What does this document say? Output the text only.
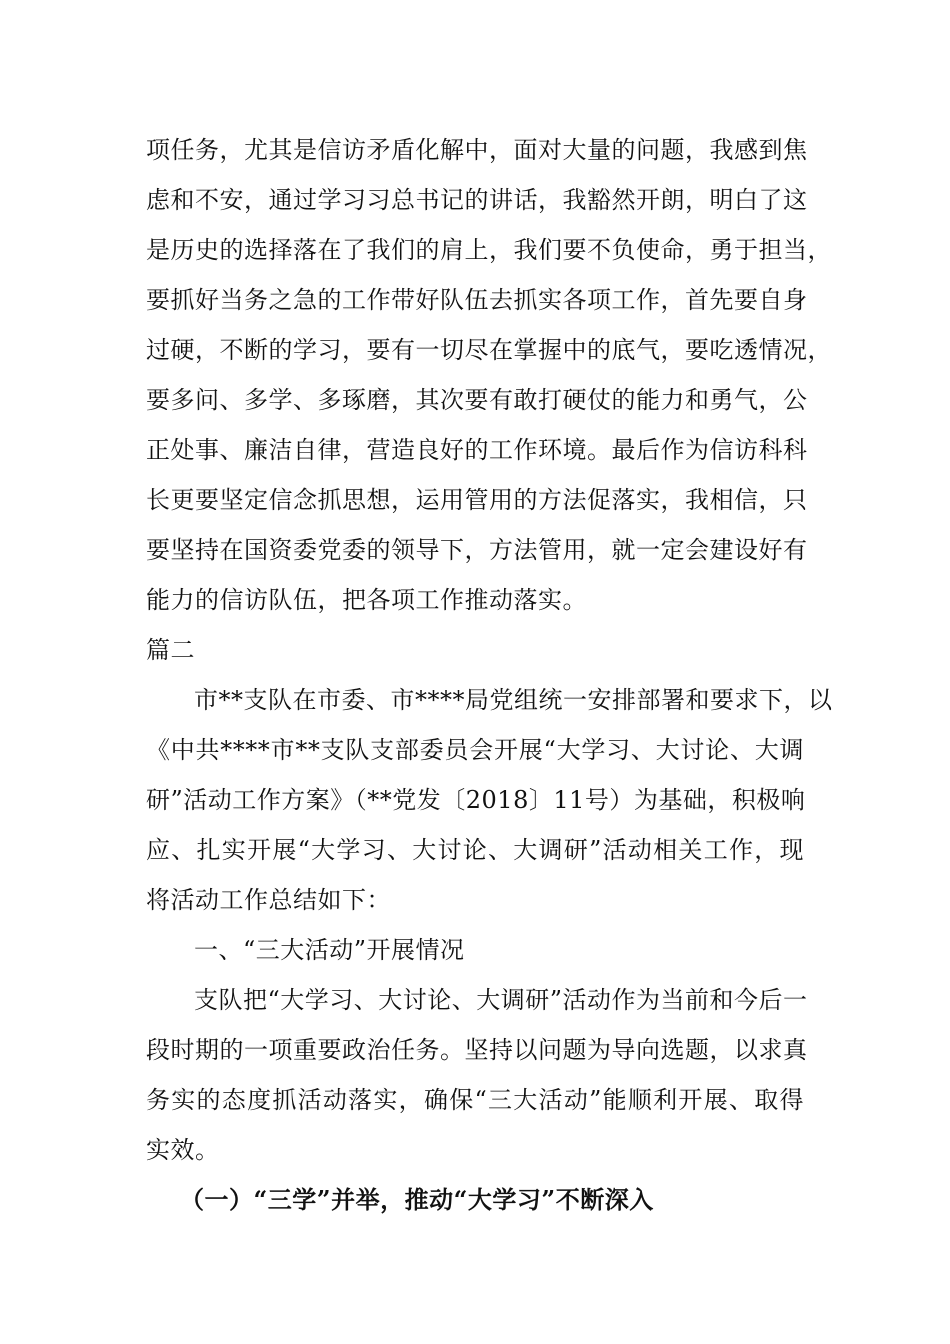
项任务，尤其是信访矛盾化解中，面对大量的问题，我感到焦
虑和不安，通过学习习总书记的讲话，我豁然开朗，明白了这
是历史的选择落在了我们的肩上，我们要不负使命，勇于担当，
要抓好当务之急的工作带好队伍去抓实各项工作，首先要自身
过硬，不断的学习，要有一切尽在掌握中的底气，要吃透情况，
要多问、多学、多琢磨，其次要有敢打硬仗的能力和勇气，公
正处事、廉洁自律，营造良好的工作环境。最后作为信访科科
长更要坚定信念抓思想，运用管用的方法促落实，我相信，只
要坚持在国资委党委的领导下，方法管用，就一定会建设好有
能力的信访队伍，把各项工作推动落实。
篇二
市**支队在市委、市****局党组统一安排部署和要求下，以
《中共****市**支队支部委员会开展“大学习、大讨论、大调
研”活动工作方案》（**党发〔2018〕11号）为基础，积极响
应、扎实开展“大学习、大讨论、大调研”活动相关工作，现
将活动工作总结如下：
一、“三大活动”开展情况
支队把“大学习、大讨论、大调研”活动作为当前和今后一
段时期的一项重要政治任务。坚持以问题为导向选题，以求真
务实的态度抓活动落实，确保“三大活动”能顺利开展、取得
实效。
（一）“三学”并举，推动“大学习”不断深入
